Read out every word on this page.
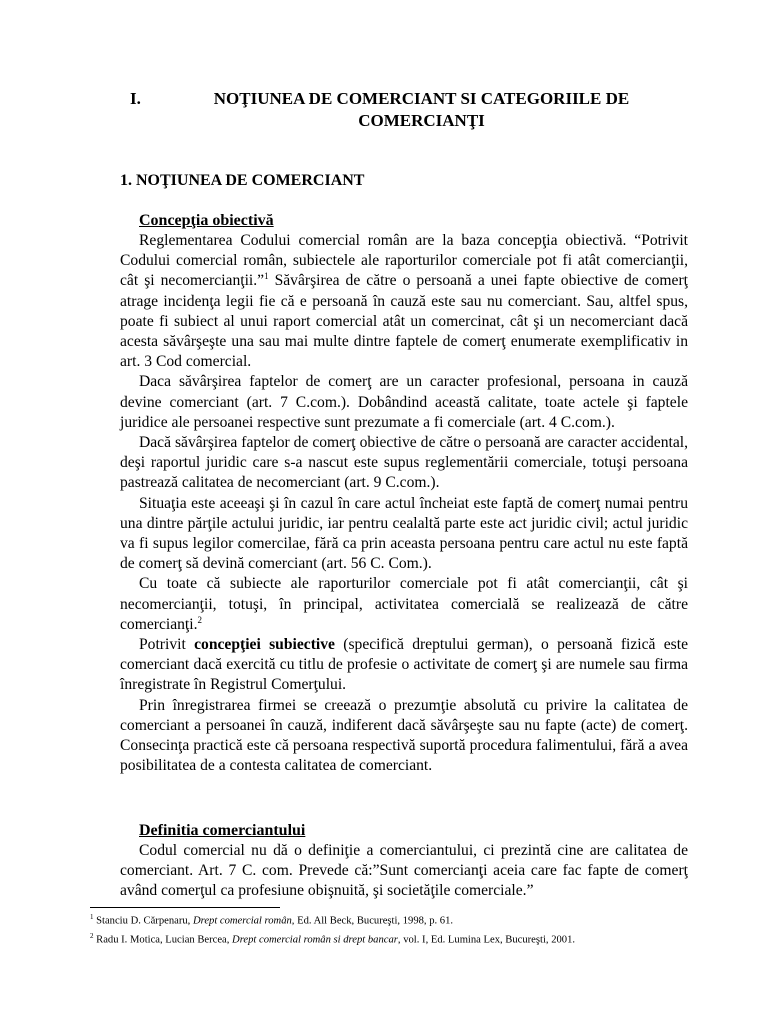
I.	NOŢIUNEA DE COMERCIANT SI CATEGORIILE DE COMERCIANŢI
1. NOŢIUNEA DE COMERCIANT
Concepţia obiectivă

Reglementarea Codului comercial român are la baza concepţia obiectivă. “Potrivit Codului comercial român, subiectele ale raporturilor comerciale pot fi atât comercianţii, cât şi necomercianţii.”$^1$ Săvârşirea de către o persoană a unei fapte obiective de comerţ atrage incidenţa legii fie că e persoană în cauză este sau nu comerciant. Sau, altfel spus, poate fi subiect al unui raport comercial atât un comercinat, cât şi un necomerciant dacă acesta săvârşeşte una sau mai multe dintre faptele de comerţ enumerate exemplificativ in art. 3 Cod comercial.

Daca săvârşirea faptelor de comerţ are un caracter profesional, persoana in cauză devine comerciant (art. 7 C.com.). Dobândind această calitate, toate actele şi faptele juridice ale persoanei respective sunt prezumate a fi comerciale (art. 4 C.com.).

Dacă săvârşirea faptelor de comerţ obiective de către o persoană are caracter accidental, deşi raportul juridic care s-a nascut este supus reglementării comerciale, totuşi persoana pastrează calitatea de necomerciant (art. 9 C.com.).

Situaţia este aceeaşi şi în cazul în care actul încheiat este faptă de comerţ numai pentru una dintre părţile actului juridic, iar pentru cealaltă parte este act juridic civil; actul juridic va fi supus legilor comercilae, fără ca prin aceasta persoana pentru care actul nu este faptă de comerţ să devină comerciant (art. 56 C. Com.).

Cu toate că subiecte ale raporturilor comerciale pot fi atât comercianţii, cât şi necomercianţii, totuşi, în principal, activitatea comercială se realizează de către comercianţi.$^2$

Potrivit concepţiei subiective (specifică dreptului german), o persoană fizică este comerciant dacă exercită cu titlu de profesie o activitate de comerţ şi are numele sau firma înregistrate în Registrul Comerţului.

Prin înregistrarea firmei se creează o prezumţie absolută cu privire la calitatea de comerciant a persoanei în cauză, indiferent dacă săvârşeşte sau nu fapte (acte) de comerţ. Consecinţa practică este că persoana respectivă suportă procedura falimentului, fără a avea posibilitatea de a contesta calitatea de comerciant.

Definitia comerciantului

Codul comercial nu dă o definiţie a comerciantului, ci prezintă cine are calitatea de comerciant. Art. 7 C. com. Prevede că:”Sunt comercianţi aceia care fac fapte de comerţ având comerţul ca profesiune obişnuită, şi societăţile comerciale.”

$^1$ Stanciu D. Cărpenaru, Drept comercial român, Ed. All Beck, Bucureşti, 1998, p. 61.
$^2$ Radu I. Motica, Lucian Bercea, Drept comercial român si drept bancar, vol. I, Ed. Lumina Lex, Bucureşti, 2001.
